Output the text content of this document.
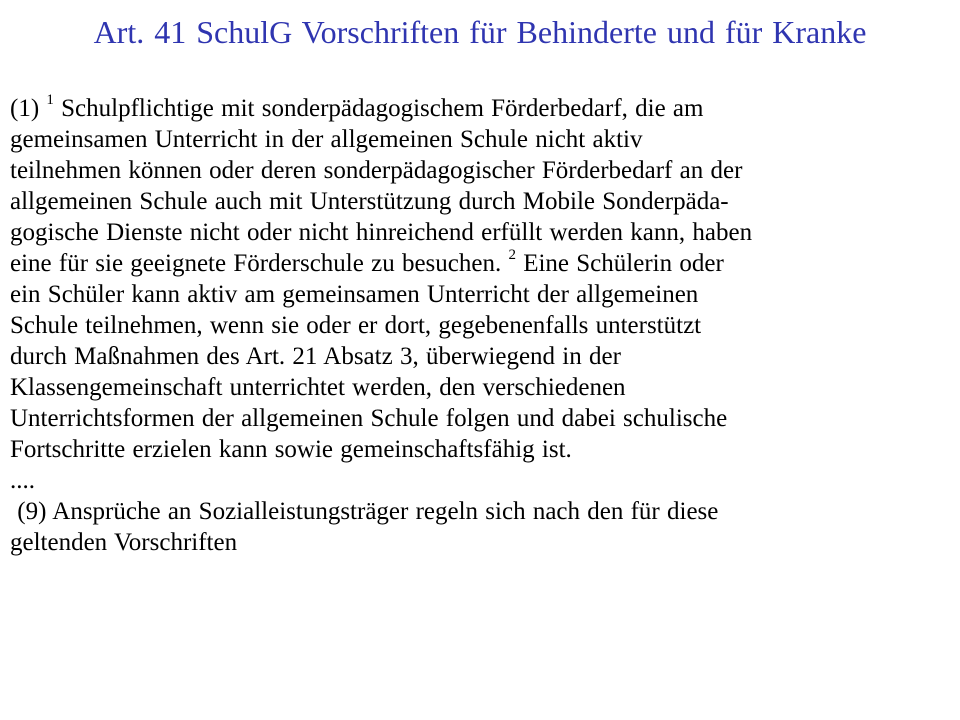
Art. 41 SchulG Vorschriften für Behinderte und für Kranke
(1) $^1$ Schulpflichtige mit sonderpädagogischem Förderbedarf, die am
gemeinsamen Unterricht in der allgemeinen Schule nicht aktiv
teilnehmen können oder deren sonderpädagogischer Förderbedarf an der
allgemeinen Schule auch mit Unterstützung durch Mobile Sonderpäda-
gogische Dienste nicht oder nicht hinreichend erfüllt werden kann, haben
eine für sie geeignete Förderschule zu besuchen. $^2$ Eine Schülerin oder
ein Schüler kann aktiv am gemeinsamen Unterricht der allgemeinen
Schule teilnehmen, wenn sie oder er dort, gegebenenfalls unterstützt
durch Maßnahmen des Art. 21 Absatz 3, überwiegend in der
Klassengemeinschaft unterrichtet werden, den verschiedenen
Unterrichtsformen der allgemeinen Schule folgen und dabei schulische
Fortschritte erzielen kann sowie gemeinschaftsfähig ist.
....
(9) Ansprüche an Sozialleistungsträger regeln sich nach den für diese
geltenden Vorschriften
